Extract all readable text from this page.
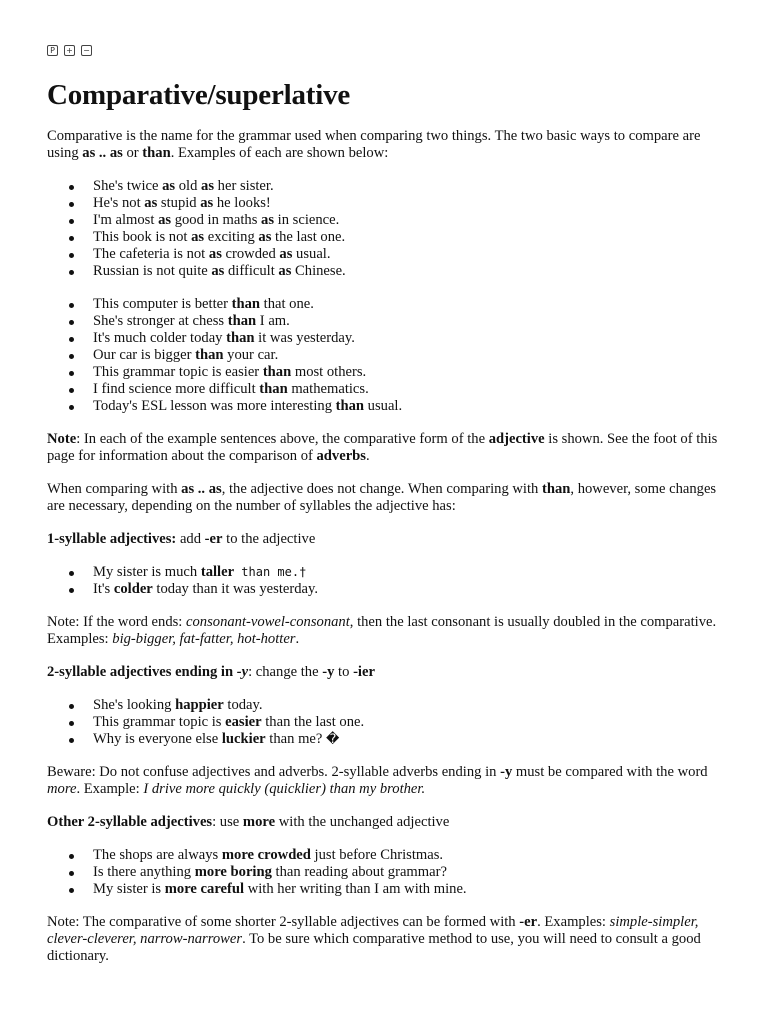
P	+ −
Comparative/superlative

Comparative is the name for the grammar used when comparing two things. The two basic ways to compare are using as .. as or than. Examples of each are shown below:

She's twice as old as her sister.
He's not as stupid as he looks!
I'm almost as good in maths as in science.
This book is not as exciting as the last one.
The cafeteria is not as crowded as usual.
Russian is not quite as difficult as Chinese.
This computer is better than that one.
She's stronger at chess than I am.
It's much colder today than it was yesterday.
Our car is bigger than your car.
This grammar topic is easier than most others.
I find science more difficult than mathematics.
Today's ESL lesson was more interesting than usual.

Note: In each of the example sentences above, the comparative form of the adjective is shown. See the foot of this page for information about the comparison of adverbs.

When comparing with as .. as, the adjective does not change. When comparing with than, however, some changes are necessary, depending on the number of syllables the adjective has:

1-syllable adjectives: add -er to the adjective

My sister is much taller than me.†
It's colder today than it was yesterday.

Note: If the word ends: consonant-vowel-consonant, then the last consonant is usually doubled in the comparative. Examples: big-bigger, fat-fatter, hot-hotter.

2-syllable adjectives ending in -y: change the -y to -ier

She's looking happier today.
This grammar topic is easier than the last one.
Why is everyone else luckier than me? �

Beware: Do not confuse adjectives and adverbs. 2-syllable adverbs ending in -y must be compared with the word more. Example: I drive more quickly (quicklier) than my brother.

Other 2-syllable adjectives: use more with the unchanged adjective

The shops are always more crowded just before Christmas.
Is there anything more boring than reading about grammar?
My sister is more careful with her writing than I am with mine.

Note: The comparative of some shorter 2-syllable adjectives can be formed with -er. Examples: simple-simpler, clever-cleverer, narrow-narrower. To be sure which comparative method to use, you will need to consult a good dictionary.
